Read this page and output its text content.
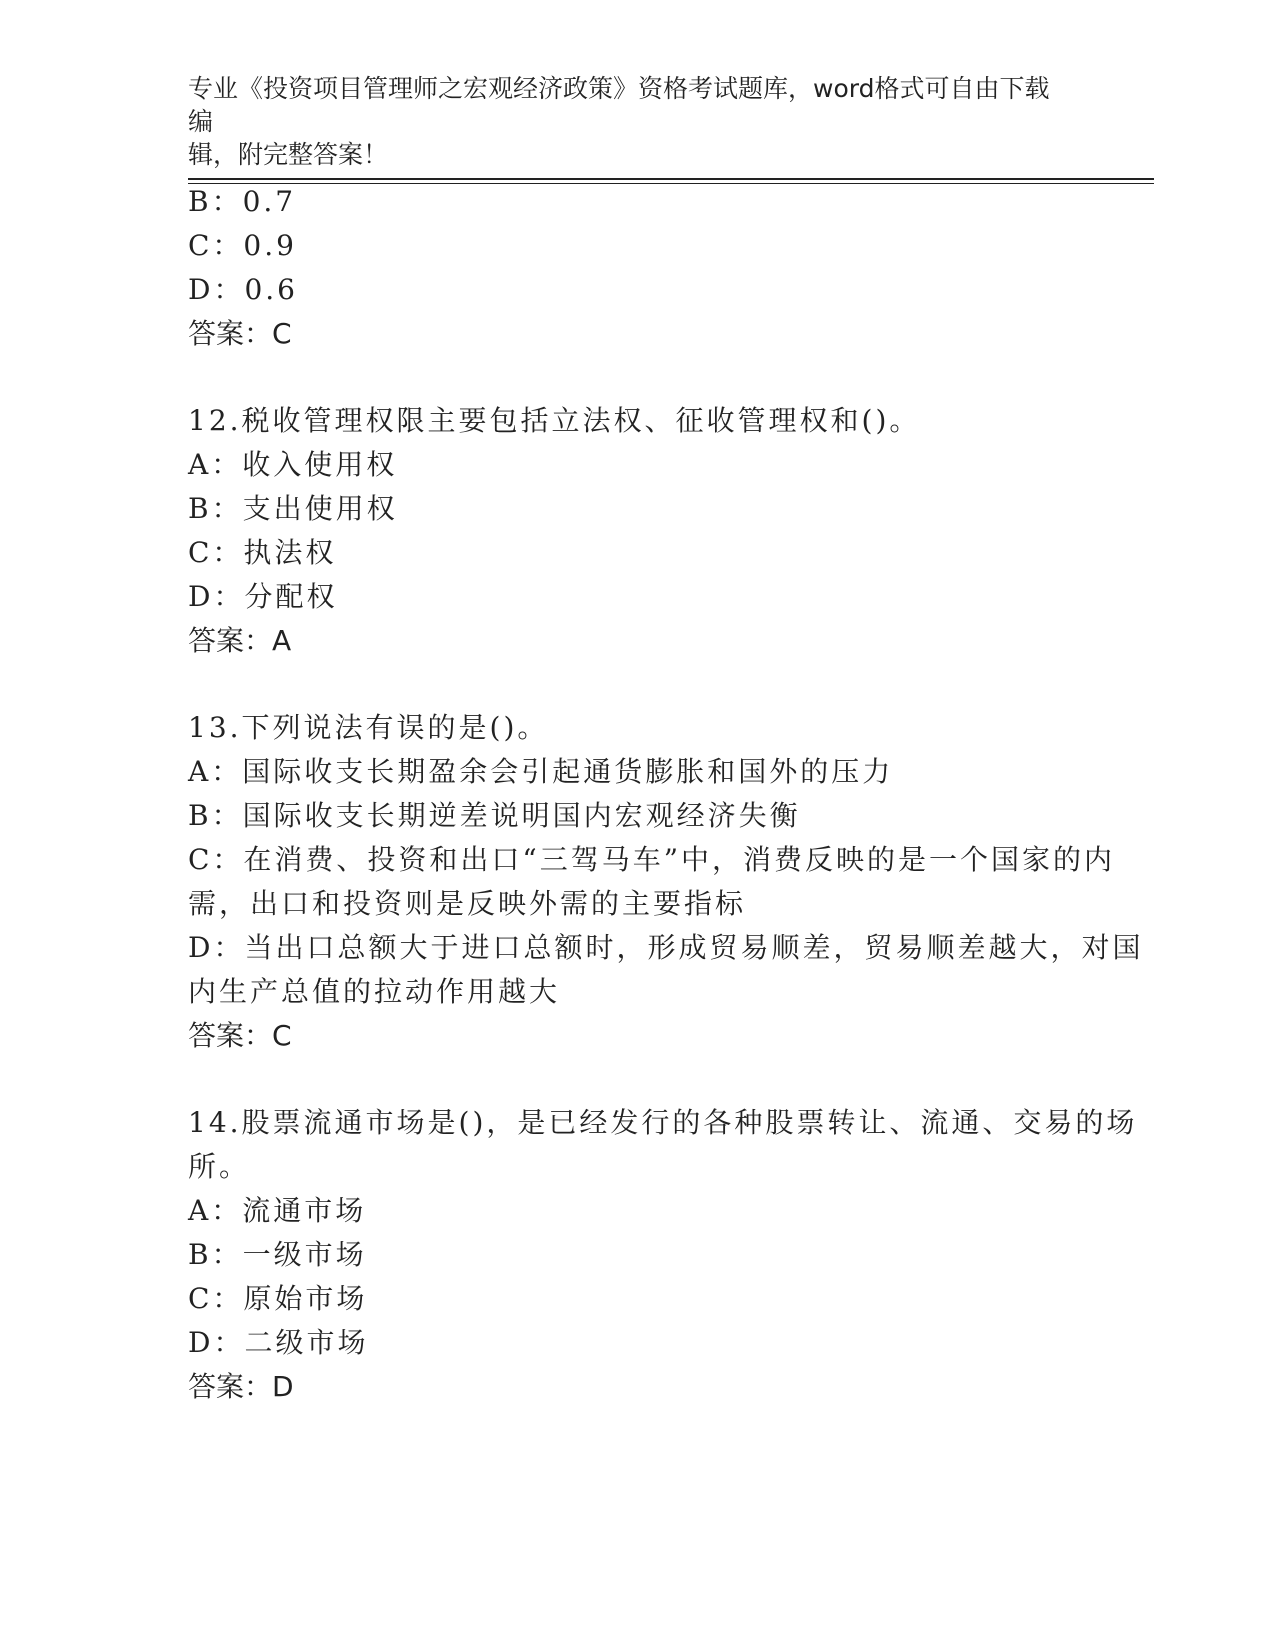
专业《投资项目管理师之宏观经济政策》资格考试题库，word格式可自由下载编
辑，附完整答案！
B：0.7
C：0.9
D：0.6
答案：C
12.税收管理权限主要包括立法权、征收管理权和()。
A：收入使用权
B：支出使用权
C：执法权
D：分配权
答案：A
13.下列说法有误的是()。
A：国际收支长期盈余会引起通货膨胀和国外的压力
B：国际收支长期逆差说明国内宏观经济失衡
C：在消费、投资和出口“三驾马车”中，消费反映的是一个国家的内
需，出口和投资则是反映外需的主要指标
D：当出口总额大于进口总额时，形成贸易顺差，贸易顺差越大，对国
内生产总值的拉动作用越大
答案：C
14.股票流通市场是()，是已经发行的各种股票转让、流通、交易的场
所。
A：流通市场
B：一级市场
C：原始市场
D：二级市场
答案：D
